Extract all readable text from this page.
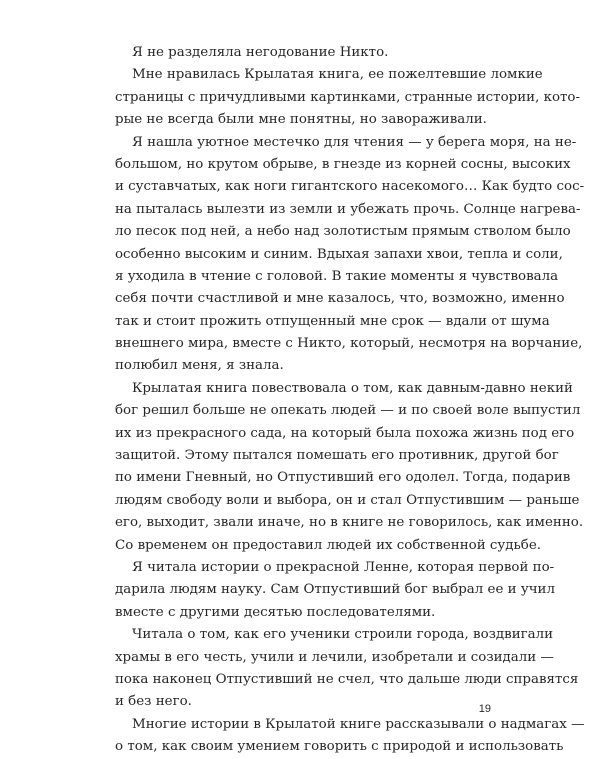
Я не разделяла негодование Никто.
Мне нравилась Крылатая книга, ее пожелтевшие ломкие
страницы с причудливыми картинками, странные истории, кото-
рые не всегда были мне понятны, но завораживали.
Я нашла уютное местечко для чтения — у берега моря, на не-
большом, но крутом обрыве, в гнезде из корней сосны, высоких
и суставчатых, как ноги гигантского насекомого… Как будто сос-
на пыталась вылезти из земли и убежать прочь. Солнце нагрева-
ло песок под ней, а небо над золотистым прямым стволом было
особенно высоким и синим. Вдыхая запахи хвои, тепла и соли,
я уходила в чтение с головой. В такие моменты я чувствовала
себя почти счастливой и мне казалось, что, возможно, именно
так и стоит прожить отпущенный мне срок — вдали от шума
внешнего мира, вместе с Никто, который, несмотря на ворчание,
полюбил меня, я знала.
Крылатая книга повествовала о том, как давным-давно некий
бог решил больше не опекать людей — и по своей воле выпустил
их из прекрасного сада, на который была похожа жизнь под его
защитой. Этому пытался помешать его противник, другой бог
по имени Гневный, но Отпустивший его одолел. Тогда, подарив
людям свободу воли и выбора, он и стал Отпустившим — раньше
его, выходит, звали иначе, но в книге не говорилось, как именно.
Со временем он предоставил людей их собственной судьбе.
Я читала истории о прекрасной Ленне, которая первой по-
дарила людям науку. Сам Отпустивший бог выбрал ее и учил
вместе с другими десятью последователями.
Читала о том, как его ученики строили города, воздвигали
храмы в его честь, учили и лечили, изобретали и созидали —
пока наконец Отпустивший не счел, что дальше люди справятся
и без него.
Многие истории в Крылатой книге рассказывали о надмагах —
о том, как своим умением говорить с природой и использовать
19
